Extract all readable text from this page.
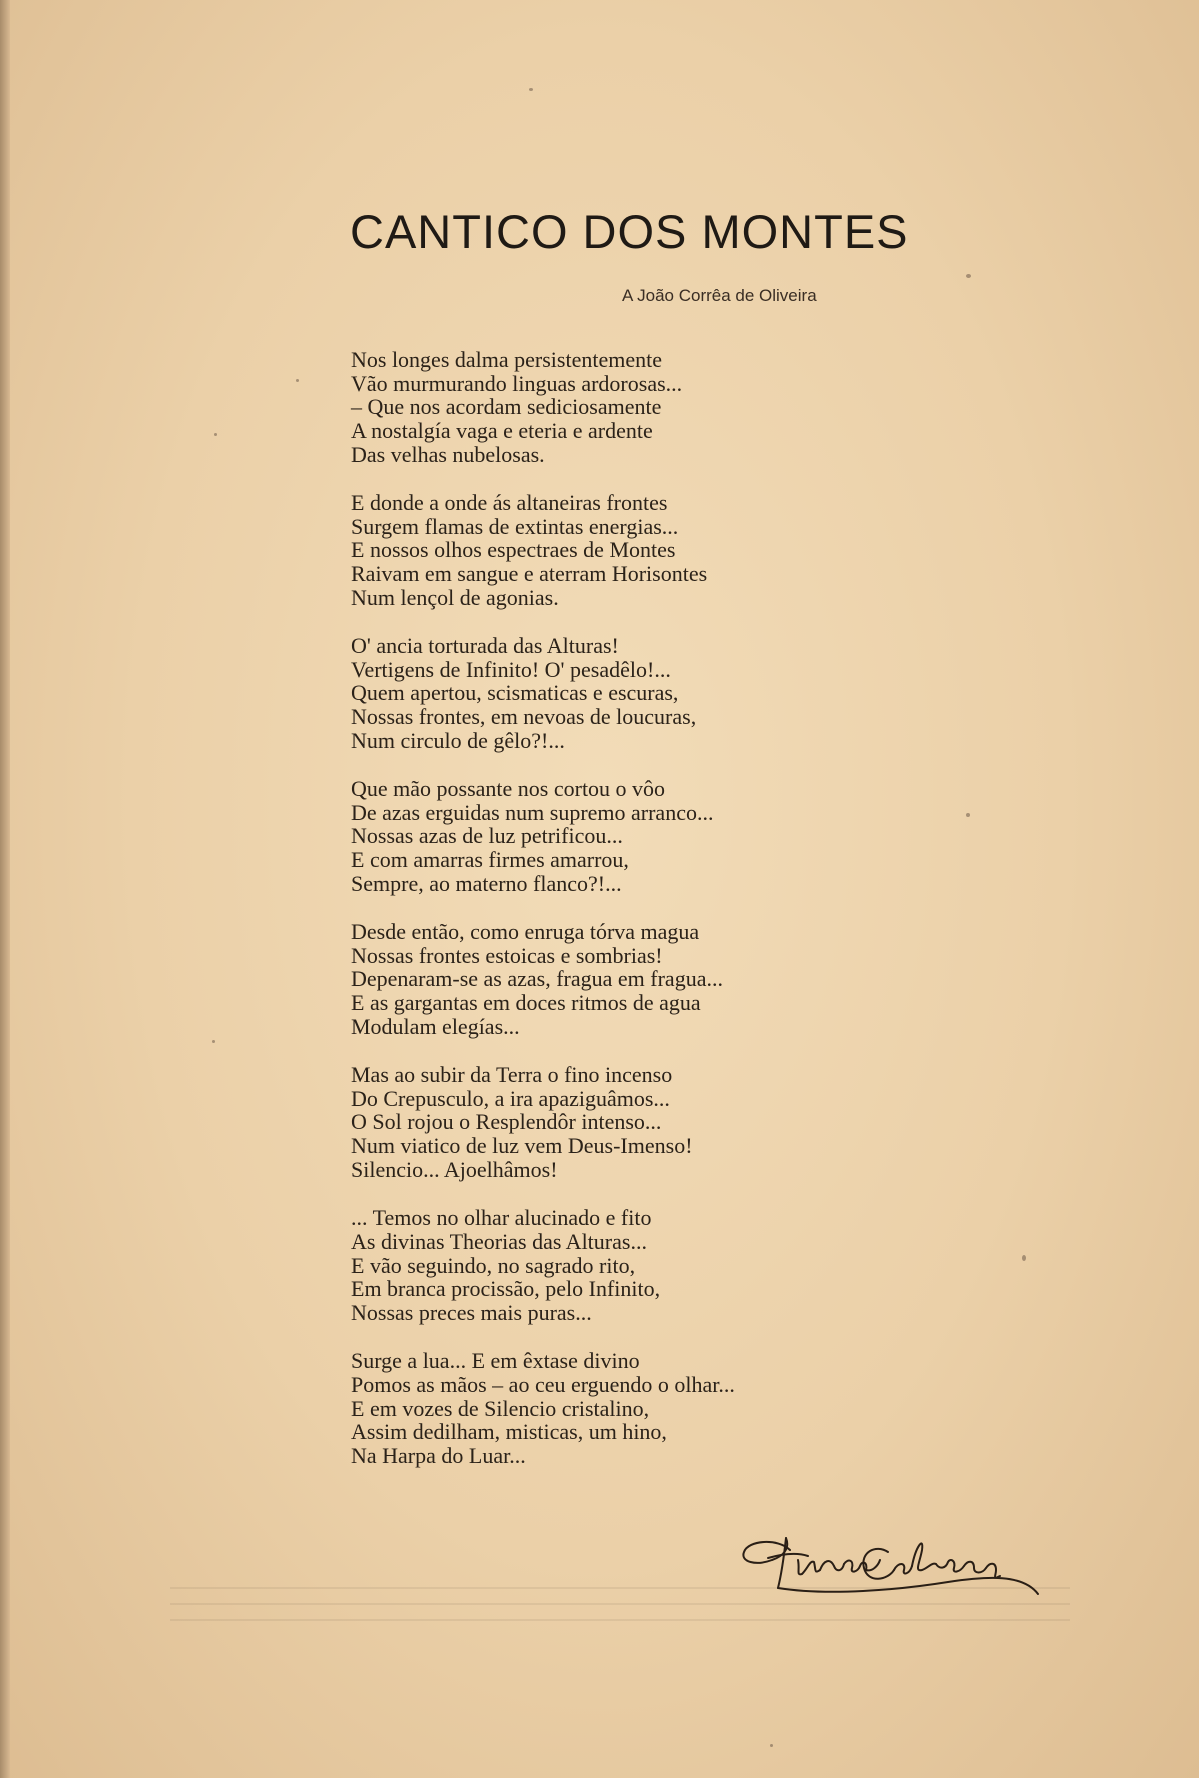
CANTICO DOS MONTES
A João Corrêa de Oliveira
Nos longes dalma persistentemente
Vão murmurando linguas ardorosas...
– Que nos acordam sediciosamente
A nostalgía vaga e eteria e ardente
Das velhas nubelosas.
E donde a onde ás altaneiras frontes
Surgem flamas de extintas energias...
E nossos olhos espectraes de Montes
Raivam em sangue e aterram Horisontes
Num lençol de agonias.
O' ancia torturada das Alturas!
Vertigens de Infinito! O' pesadêlo!...
Quem apertou, scismaticas e escuras,
Nossas frontes, em nevoas de loucuras,
Num circulo de gêlo?!...
Que mão possante nos cortou o vôo
De azas erguidas num supremo arranco...
Nossas azas de luz petrificou...
E com amarras firmes amarrou,
Sempre, ao materno flanco?!...
Desde então, como enruga tórva magua
Nossas frontes estoicas e sombrias!
Depenaram-se as azas, fragua em fragua...
E as gargantas em doces ritmos de agua
Modulam elegías...
Mas ao subir da Terra o fino incenso
Do Crepusculo, a ira apaziguâmos...
O Sol rojou o Resplendôr intenso...
Num viatico de luz vem Deus-Imenso!
Silencio... Ajoelhâmos!
... Temos no olhar alucinado e fito
As divinas Theorias das Alturas...
E vão seguindo, no sagrado rito,
Em branca procissão, pelo Infinito,
Nossas preces mais puras...
Surge a lua... E em êxtase divino
Pomos as mãos – ao ceu erguendo o olhar...
E em vozes de Silencio cristalino,
Assim dedilham, misticas, um hino,
Na Harpa do Luar...
